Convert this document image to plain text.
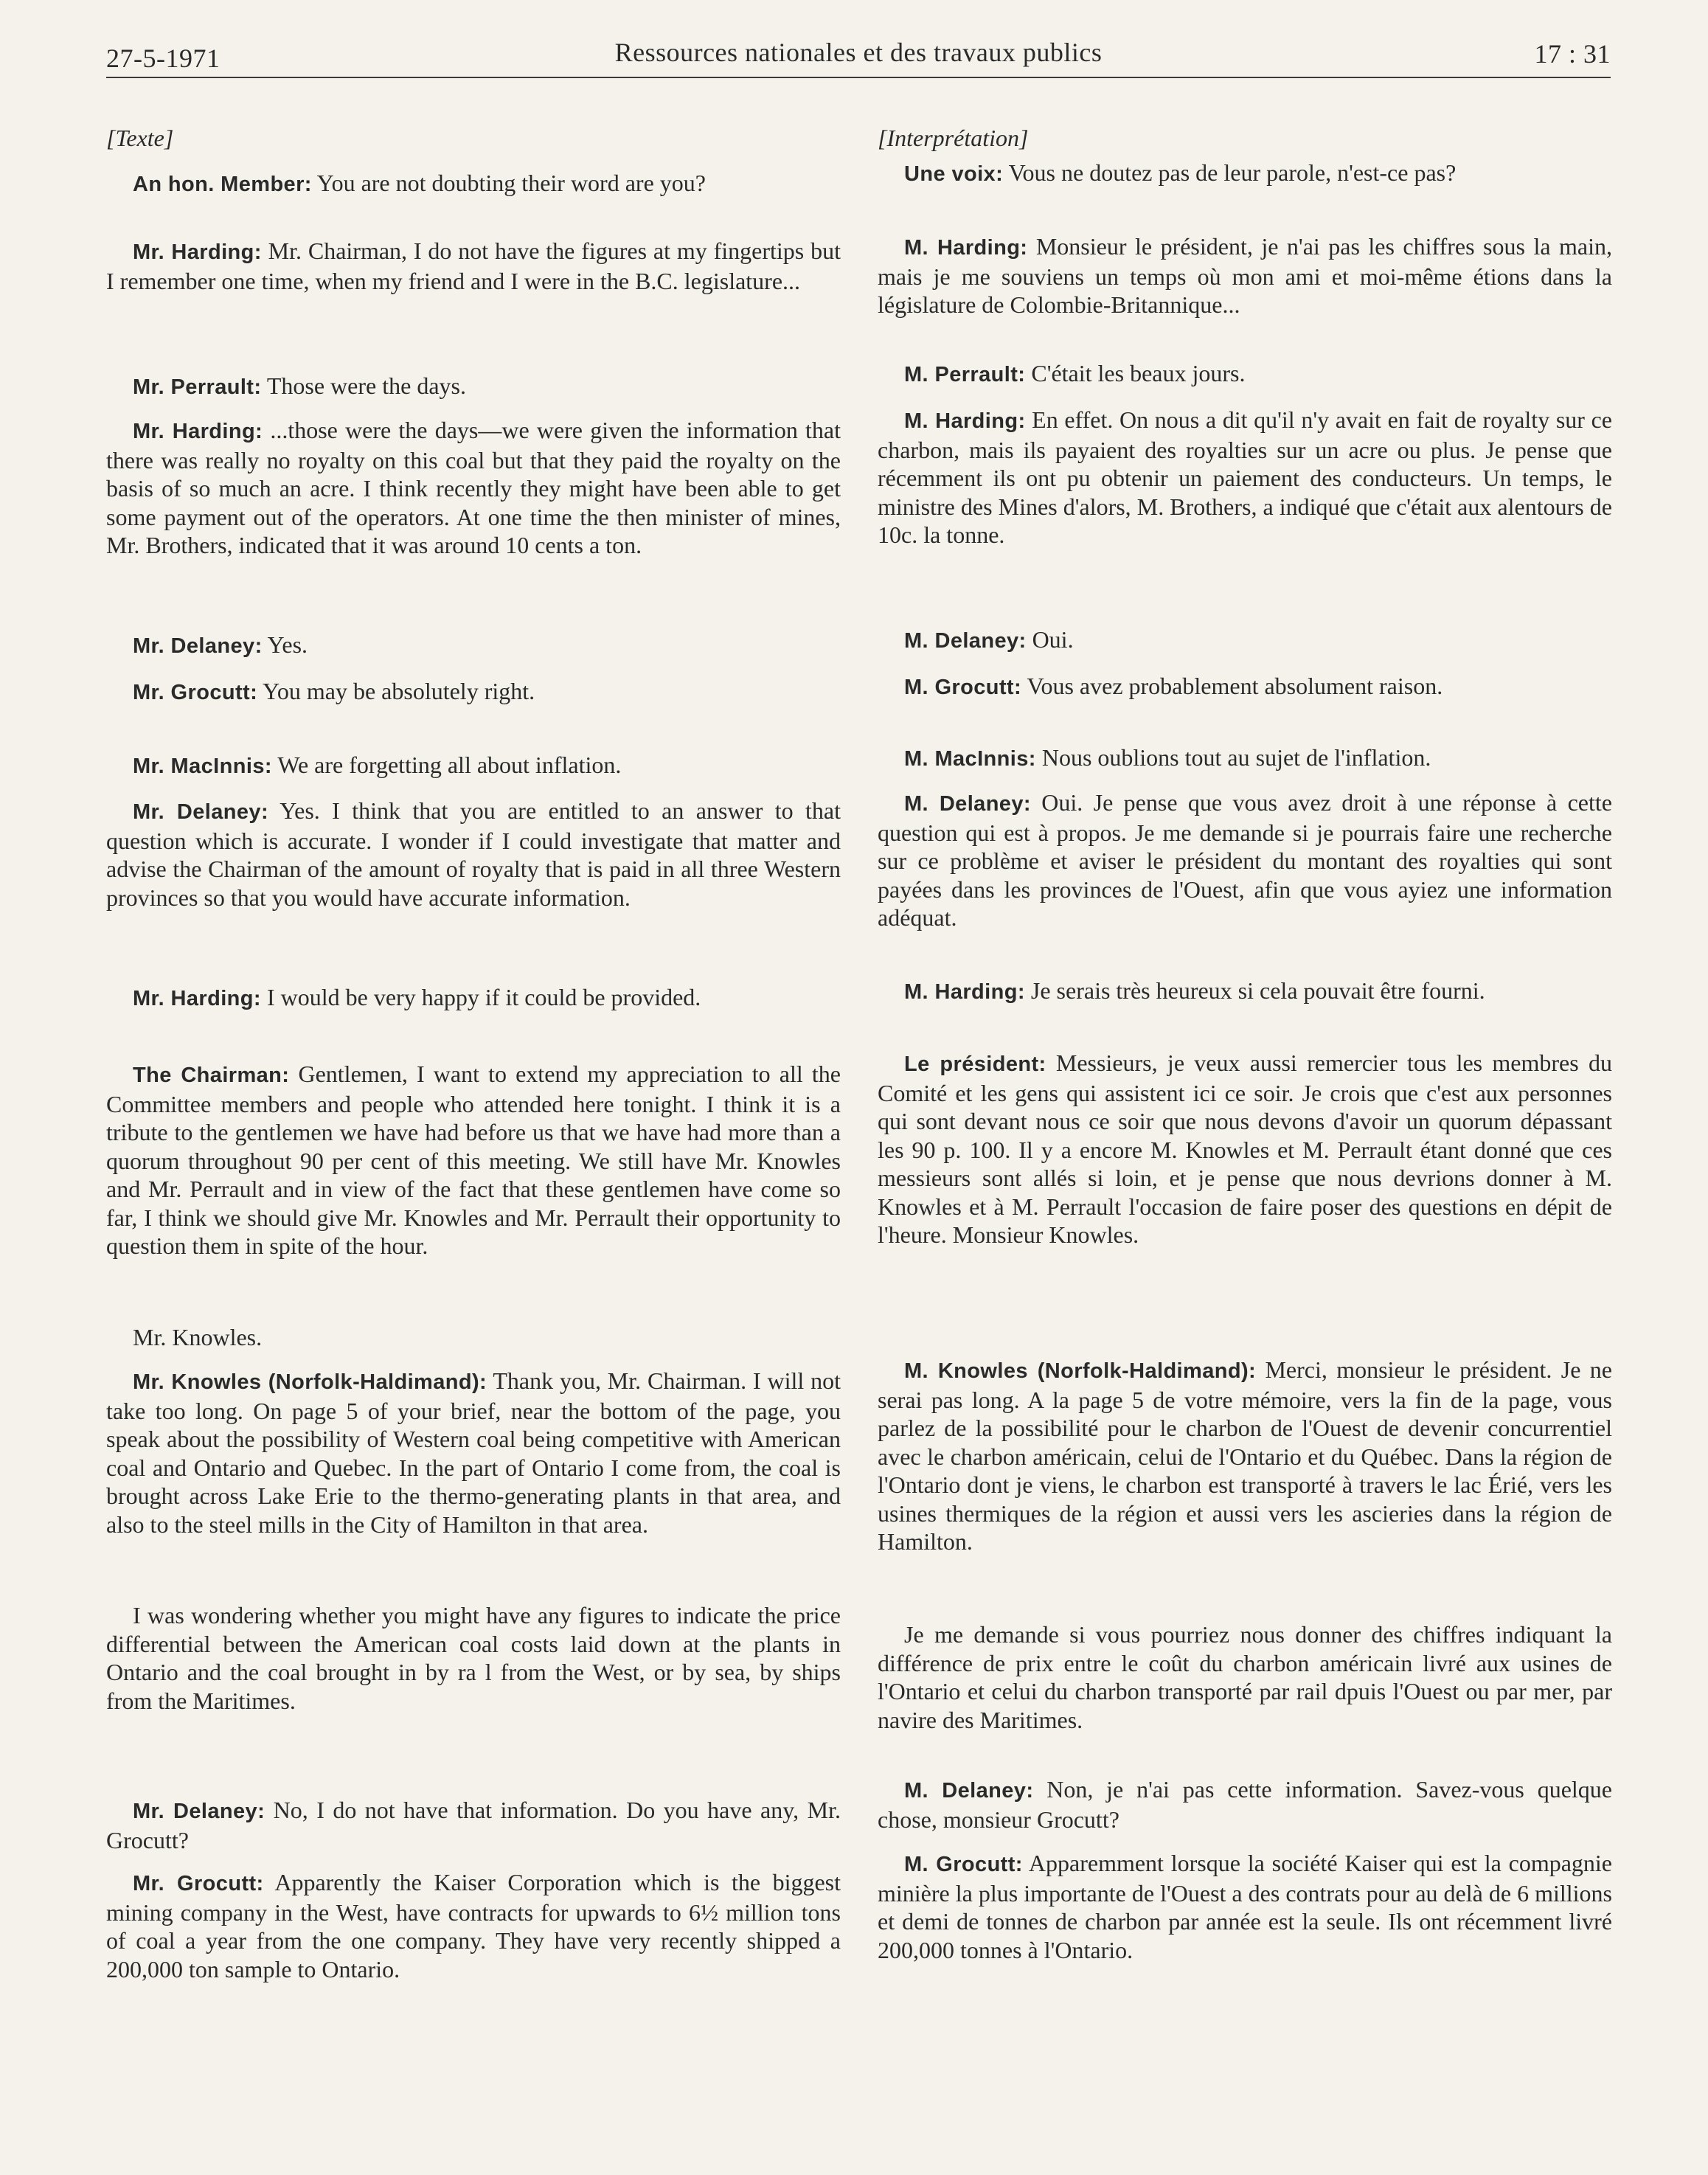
27-5-1971	Ressources nationales et des travaux publics	17 : 31
[Texte]

An hon. Member: You are not doubting their word are you?

Mr. Harding: Mr. Chairman, I do not have the figures at my fingertips but I remember one time, when my friend and I were in the B.C. legislature...

Mr. Perrault: Those were the days.

Mr. Harding: ...those were the days—we were given the information that there was really no royalty on this coal but that they paid the royalty on the basis of so much an acre. I think recently they might have been able to get some payment out of the operators. At one time the then minister of mines, Mr. Brothers, indicated that it was around 10 cents a ton.

Mr. Delaney: Yes.

Mr. Grocutt: You may be absolutely right.

Mr. MacInnis: We are forgetting all about inflation.

Mr. Delaney: Yes. I think that you are entitled to an answer to that question which is accurate. I wonder if I could investigate that matter and advise the Chairman of the amount of royalty that is paid in all three Western provinces so that you would have accurate information.

Mr. Harding: I would be very happy if it could be provided.

The Chairman: Gentlemen, I want to extend my appreciation to all the Committee members and people who attended here tonight. I think it is a tribute to the gentlemen we have had before us that we have had more than a quorum throughout 90 per cent of this meeting. We still have Mr. Knowles and Mr. Perrault and in view of the fact that these gentlemen have come so far, I think we should give Mr. Knowles and Mr. Perrault their opportunity to question them in spite of the hour.

Mr. Knowles.

Mr. Knowles (Norfolk-Haldimand): Thank you, Mr. Chairman. I will not take too long. On page 5 of your brief, near the bottom of the page, you speak about the possibility of Western coal being competitive with American coal and Ontario and Quebec. In the part of Ontario I come from, the coal is brought across Lake Erie to the thermo-generating plants in that area, and also to the steel mills in the City of Hamilton in that area.

I was wondering whether you might have any figures to indicate the price differential between the American coal costs laid down at the plants in Ontario and the coal brought in by ra l from the West, or by sea, by ships from the Maritimes.

Mr. Delaney: No, I do not have that information. Do you have any, Mr. Grocutt?

Mr. Grocutt: Apparently the Kaiser Corporation which is the biggest mining company in the West, have contracts for upwards to 6½ million tons of coal a year from the one company. They have very recently shipped a 200,000 ton sample to Ontario.

[Interprétation]

Une voix: Vous ne doutez pas de leur parole, n'est-ce pas?

M. Harding: Monsieur le président, je n'ai pas les chiffres sous la main, mais je me souviens un temps où mon ami et moi-même étions dans la législature de Colombie-Britannique...

M. Perrault: C'était les beaux jours.

M. Harding: En effet. On nous a dit qu'il n'y avait en fait de royalty sur ce charbon, mais ils payaient des royalties sur un acre ou plus. Je pense que récemment ils ont pu obtenir un paiement des conducteurs. Un temps, le ministre des Mines d'alors, M. Brothers, a indiqué que c'était aux alentours de 10c. la tonne.

M. Delaney: Oui.

M. Grocutt: Vous avez probablement absolument raison.

M. MacInnis: Nous oublions tout au sujet de l'inflation.

M. Delaney: Oui. Je pense que vous avez droit à une réponse à cette question qui est à propos. Je me demande si je pourrais faire une recherche sur ce problème et aviser le président du montant des royalties qui sont payées dans les provinces de l'Ouest, afin que vous ayiez une information adéquat.

M. Harding: Je serais très heureux si cela pouvait être fourni.

Le président: Messieurs, je veux aussi remercier tous les membres du Comité et les gens qui assistent ici ce soir. Je crois que c'est aux personnes qui sont devant nous ce soir que nous devons d'avoir un quorum dépassant les 90 p. 100. Il y a encore M. Knowles et M. Perrault étant donné que ces messieurs sont allés si loin, et je pense que nous devrions donner à M. Knowles et à M. Perrault l'occasion de faire poser des questions en dépit de l'heure. Monsieur Knowles.

M. Knowles (Norfolk-Haldimand): Merci, monsieur le président. Je ne serai pas long. A la page 5 de votre mémoire, vers la fin de la page, vous parlez de la possibilité pour le charbon de l'Ouest de devenir concurrentiel avec le charbon américain, celui de l'Ontario et du Québec. Dans la région de l'Ontario dont je viens, le charbon est transporté à travers le lac Érié, vers les usines thermiques de la région et aussi vers les ascieries dans la région de Hamilton.

Je me demande si vous pourriez nous donner des chiffres indiquant la différence de prix entre le coût du charbon américain livré aux usines de l'Ontario et celui du charbon transporté par rail dpuis l'Ouest ou par mer, par navire des Maritimes.

M. Delaney: Non, je n'ai pas cette information. Savez-vous quelque chose, monsieur Grocutt?

M. Grocutt: Apparemment lorsque la société Kaiser qui est la compagnie minière la plus importante de l'Ouest a des contrats pour au delà de 6 millions et demi de tonnes de charbon par année est la seule. Ils ont récemment livré 200,000 tonnes à l'Ontario.
